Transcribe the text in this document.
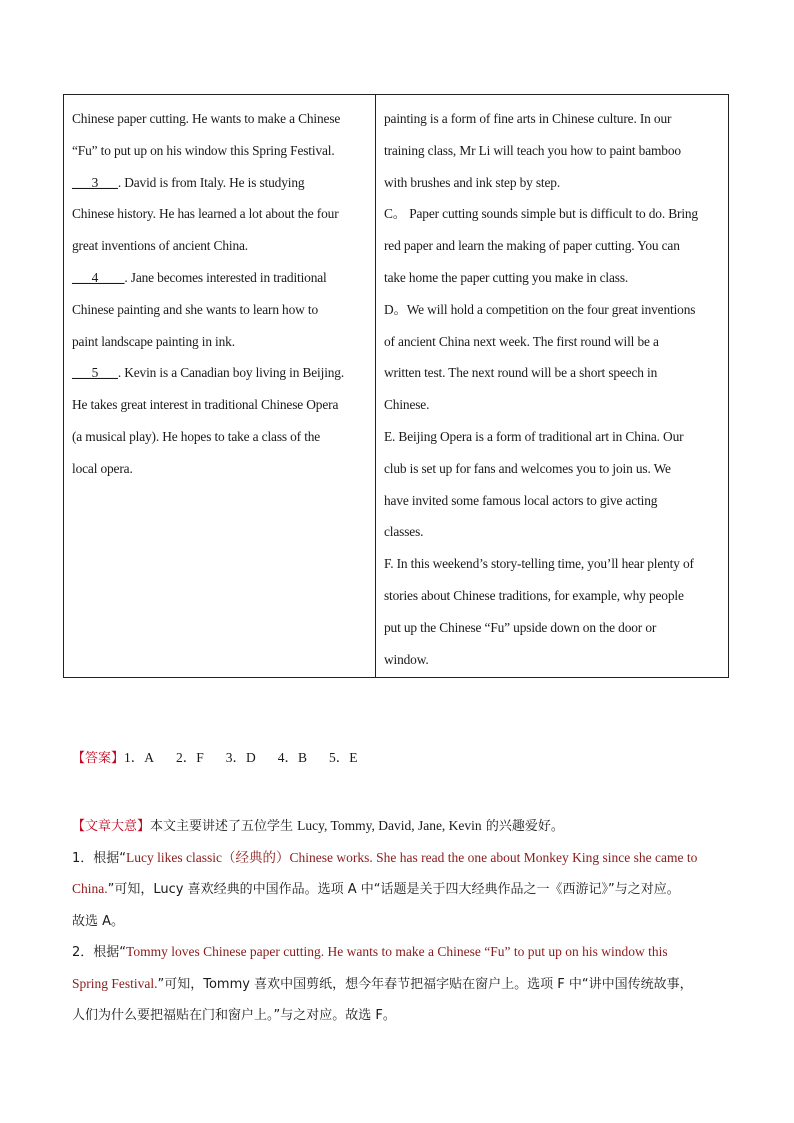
Chinese paper cutting. He wants to make a Chinese

“Fu” to put up on his window this Spring Festival.

___3___. David is from Italy. He is studying

Chinese history. He has learned a lot about the four

great inventions of ancient China.

___4____. Jane becomes interested in traditional

Chinese painting and she wants to learn how to

paint landscape painting in ink.

___5___. Kevin is a Canadian boy living in Beijing.

He takes great interest in traditional Chinese Opera

(a musical play). He hopes to take a class of the

local opera.

painting is a form of fine arts in Chinese culture. In our

training class, Mr Li will teach you how to paint bamboo

with brushes and ink step by step.

C。 Paper cutting sounds simple but is difficult to do. Bring

red paper and learn the making of paper cutting. You can

take home the paper cutting you make in class.

D。We will hold a competition on the four great inventions

of ancient China next week. The first round will be a

written test. The next round will be a short speech in

Chinese.

E. Beijing Opera is a form of traditional art in China. Our

club is set up for fans and welcomes you to join us. We

have invited some famous local actors to give acting

classes.

F. In this weekend’s story-telling time, you’ll hear plenty of

stories about Chinese traditions, for example, why people

put up the Chinese “Fu” upside down on the door or

window.

【答案】1．A 2．F 3．D 4．B 5．E
【文章大意】本文主要讲述了五位学生 Lucy, Tommy, David, Jane, Kevin 的兴趣爱好。
1．根据“Lucy likes classic（经典的）Chinese works. She has read the one about Monkey King since she came to
China.”可知，Lucy 喜欢经典的中国作品。选项 A 中“话题是关于四大经典作品之一《西游记》”与之对应。
故选 A。
2．根据“Tommy loves Chinese paper cutting. He wants to make a Chinese “Fu” to put up on his window this
Spring Festival.”可知，Tommy 喜欢中国剪纸，想今年春节把福字贴在窗户上。选项 F 中“讲中国传统故事，
人们为什么要把福贴在门和窗户上。”与之对应。故选 F。
